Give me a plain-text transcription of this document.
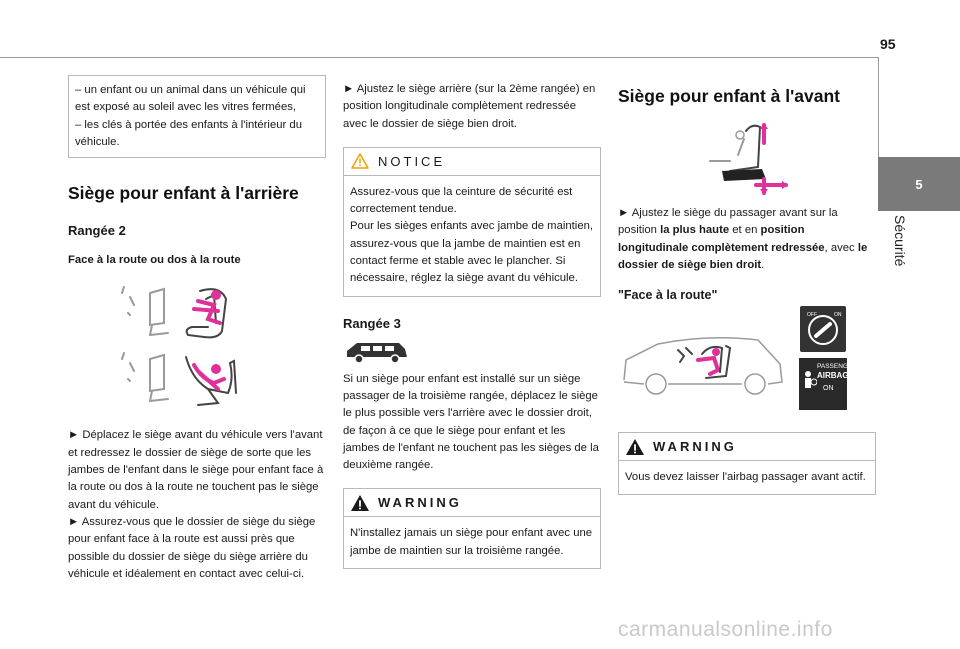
95
5
Sécurité

– un enfant ou un animal dans un véhicule qui est exposé au soleil avec les vitres fermées,

– les clés à portée des enfants à l'intérieur du véhicule.

Siège pour enfant à l'arrière
Rangée 2

Face à la route ou dos à la route

► Déplacez le siège avant du véhicule vers l'avant et redressez le dossier de siège de sorte que les jambes de l'enfant dans le siège pour enfant face à la route ou dos à la route ne touchent pas le siège avant du véhicule.

► Assurez-vous que le dossier de siège du siège pour enfant face à la route est aussi près que possible du dossier de siège du siège arrière du véhicule et idéalement en contact avec celui-ci.

► Ajustez le siège arrière (sur la 2ème rangée) en position longitudinale complètement redressée avec le dossier de siège bien droit.

NOTICE

Assurez-vous que la ceinture de sécurité est correctement tendue.

Pour les sièges enfants avec jambe de maintien, assurez-vous que la jambe de maintien est en contact ferme et stable avec le plancher. Si nécessaire, réglez la siège avant du véhicule.

Rangée 3

Si un siège pour enfant est installé sur un siège passager de la troisième rangée, déplacez le siège le plus possible vers l'arrière avec le dossier droit, de façon à ce que le siège pour enfant et les jambes de l'enfant ne touchent pas les sièges de la deuxième rangée.

WARNING

N'installez jamais un siège pour enfant avec une jambe de maintien sur la troisième rangée.

Siège pour enfant à l'avant

► Ajustez le siège du passager avant sur la position la plus haute et en position longitudinale complètement redressée, avec le dossier de siège bien droit.

"Face à la route"
OFF	ON
PASSENGER
AIRBAG
ON
WARNING

Vous devez laisser l'airbag passager avant actif.

carmanualsonline.info
